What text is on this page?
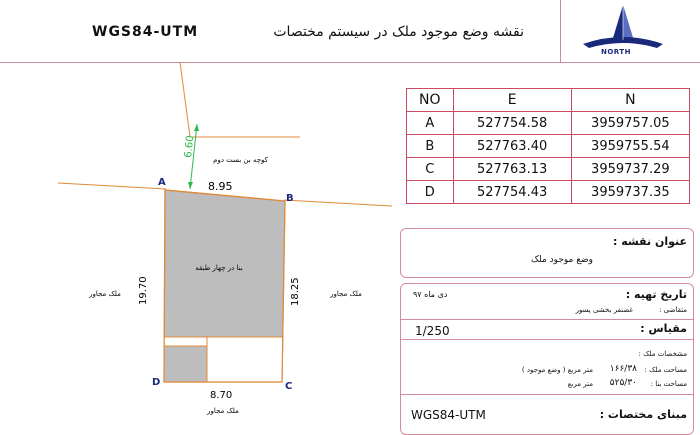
WGS84-UTM	نقشه وضع موجود ملک در سیستم مختصات
NORTH
6.60
کوچه بن بست دوم
A
B
C
D
8.95
19.70	18.25
8.70
بنا در چهار طبقه
ملک مجاور	ملک مجاور
ملک مجاور
NO	E	N
A	527754.58	3959757.05
B	527763.40	3959755.54
C	527763.13	3959737.29
D	527754.43	3959737.35
عنوان نقشه :
وضع موجود ملک
تاریخ تهیه :
دی ماه ۹۷
متقاضی :
غضنفر بخشی پسور
مقیاس :
1/250
مشخصات ملک :
مساحت ملک :
۱۶۶/۳۸
متر مربع ( وضع موجود )
مساحت بنا :
۵۲۵/۳۰
متر مربع
مبنای مختصات :
WGS84-UTM
